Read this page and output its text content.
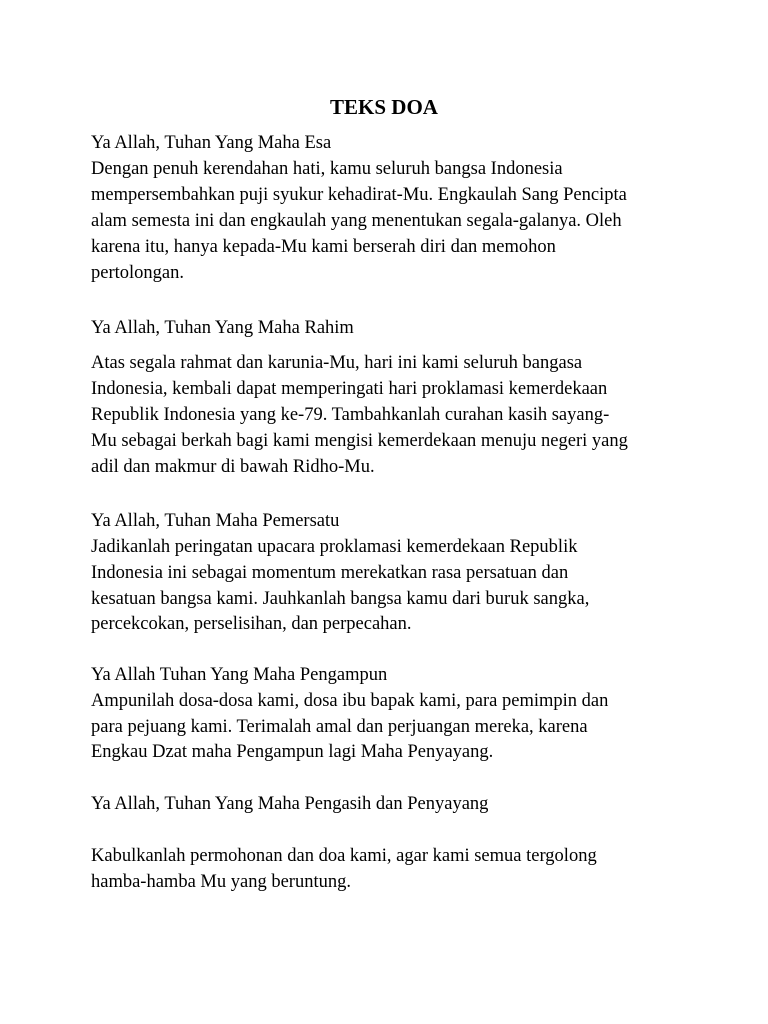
TEKS DOA

Ya Allah, Tuhan Yang Maha Esa

Dengan penuh kerendahan hati, kamu seluruh bangsa Indonesia

mempersembahkan puji syukur kehadirat-Mu. Engkaulah Sang Pencipta

alam semesta ini dan engkaulah yang menentukan segala-galanya. Oleh

karena itu, hanya kepada-Mu kami berserah diri dan memohon

pertolongan.

Ya Allah, Tuhan Yang Maha Rahim

Atas segala rahmat dan karunia-Mu, hari ini kami seluruh bangasa

Indonesia, kembali dapat memperingati hari proklamasi kemerdekaan

Republik Indonesia yang ke-79. Tambahkanlah curahan kasih sayang-

Mu sebagai berkah bagi kami mengisi kemerdekaan menuju negeri yang

adil dan makmur di bawah Ridho-Mu.

Ya Allah, Tuhan Maha Pemersatu

Jadikanlah peringatan upacara proklamasi kemerdekaan Republik

Indonesia ini sebagai momentum merekatkan rasa persatuan dan

kesatuan bangsa kami. Jauhkanlah bangsa kamu dari buruk sangka,

percekcokan, perselisihan, dan perpecahan.

Ya Allah Tuhan Yang Maha Pengampun

Ampunilah dosa-dosa kami, dosa ibu bapak kami, para pemimpin dan

para pejuang kami. Terimalah amal dan perjuangan mereka, karena

Engkau Dzat maha Pengampun lagi Maha Penyayang.

Ya Allah, Tuhan Yang Maha Pengasih dan Penyayang

Kabulkanlah permohonan dan doa kami, agar kami semua tergolong

hamba-hamba Mu yang beruntung.
